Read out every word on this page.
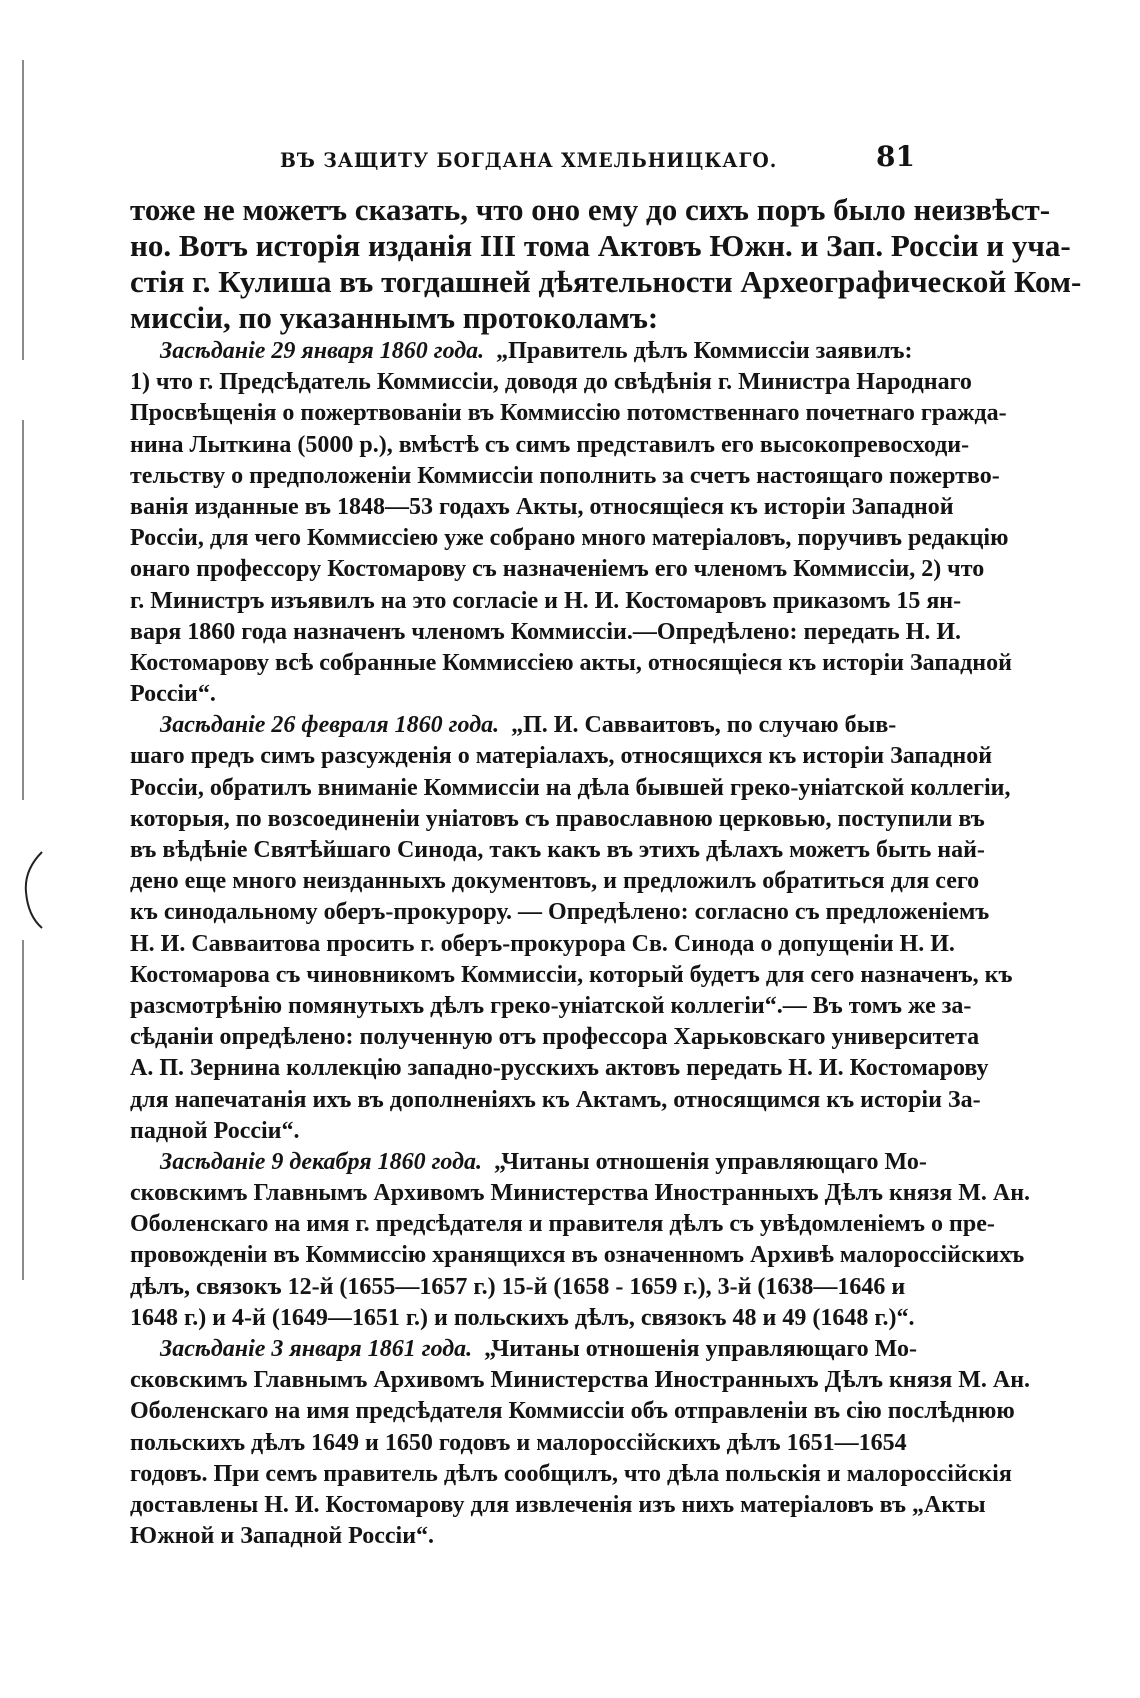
ВЪ ЗАЩИТУ БОГДАНА ХМЕЛЬНИЦКАГО.	81
тоже не можетъ сказать, что оно ему до сихъ поръ было неизвѣст-
но. Вотъ исторія изданія III тома Актовъ Южн. и Зап. Россіи и уча-
стія г. Кулиша въ тогдашней дѣятельности Археографической Ком-
миссіи, по указаннымъ протоколамъ:
Засѣданіе 29 января 1860 года. „Правитель дѣлъ Коммиссіи заявилъ:
1) что г. Предсѣдатель Коммиссіи, доводя до свѣдѣнія г. Министра Народнаго
Просвѣщенія о пожертвованіи въ Коммиссію потомственнаго почетнаго гражда-
нина Лыткина (5000 р.), вмѣстѣ съ симъ представилъ его высокопревосходи-
тельству о предположеніи Коммиссіи пополнить за счетъ настоящаго пожертво-
ванія изданные въ 1848—53 годахъ Акты, относящіеся къ исторіи Западной
Россіи, для чего Коммиссіею уже собрано много матеріаловъ, поручивъ редакцію
онаго профессору Костомарову съ назначеніемъ его членомъ Коммиссіи, 2) что
г. Министръ изъявилъ на это согласіе и Н. И. Костомаровъ приказомъ 15 ян-
варя 1860 года назначенъ членомъ Коммиссіи.—Опредѣлено: передать Н. И.
Костомарову всѣ собранные Коммиссіею акты, относящіеся къ исторіи Западной
Россіи“.
Засѣданіе 26 февраля 1860 года. „П. И. Савваитовъ, по случаю быв-
шаго предъ симъ разсужденія о матеріалахъ, относящихся къ исторіи Западной
Россіи, обратилъ вниманіе Коммиссіи на дѣла бывшей греко-уніатской коллегіи,
которыя, по возсоединеніи уніатовъ съ православною церковью, поступили въ
въ вѣдѣніе Святѣйшаго Синода, такъ какъ въ этихъ дѣлахъ можетъ быть най-
дено еще много неизданныхъ документовъ, и предложилъ обратиться для сего
къ синодальному оберъ-прокурору. — Опредѣлено: согласно съ предложеніемъ
Н. И. Савваитова просить г. оберъ-прокурора Св. Синода о допущеніи Н. И.
Костомарова съ чиновникомъ Коммиссіи, который будетъ для сего назначенъ, къ
разсмотрѣнію помянутыхъ дѣлъ греко-уніатской коллегіи“.— Въ томъ же за-
сѣданіи опредѣлено: полученную отъ профессора Харьковскаго университета
А. П. Зернина коллекцію западно-русскихъ актовъ передать Н. И. Костомарову
для напечатанія ихъ въ дополненіяхъ къ Актамъ, относящимся къ исторіи За-
падной Россіи“.
Засѣданіе 9 декабря 1860 года. „Читаны отношенія управляющаго Мо-
сковскимъ Главнымъ Архивомъ Министерства Иностранныхъ Дѣлъ князя М. Ан.
Оболенскаго на имя г. предсѣдателя и правителя дѣлъ съ увѣдомленіемъ о пре-
провожденіи въ Коммиссію хранящихся въ означенномъ Архивѣ малороссійскихъ
дѣлъ, связокъ 12-й (1655—1657 г.) 15-й (1658 - 1659 г.), 3-й (1638—1646 и
1648 г.) и 4-й (1649—1651 г.) и польскихъ дѣлъ, связокъ 48 и 49 (1648 г.)“.
Засѣданіе 3 января 1861 года. „Читаны отношенія управляющаго Мо-
сковскимъ Главнымъ Архивомъ Министерства Иностранныхъ Дѣлъ князя М. Ан.
Оболенскаго на имя предсѣдателя Коммиссіи объ отправленіи въ сію послѣднюю
польскихъ дѣлъ 1649 и 1650 годовъ и малороссійскихъ дѣлъ 1651—1654
годовъ. При семъ правитель дѣлъ сообщилъ, что дѣла польскія и малороссійскія
доставлены Н. И. Костомарову для извлеченія изъ нихъ матеріаловъ въ „Акты
Южной и Западной Россіи“.
